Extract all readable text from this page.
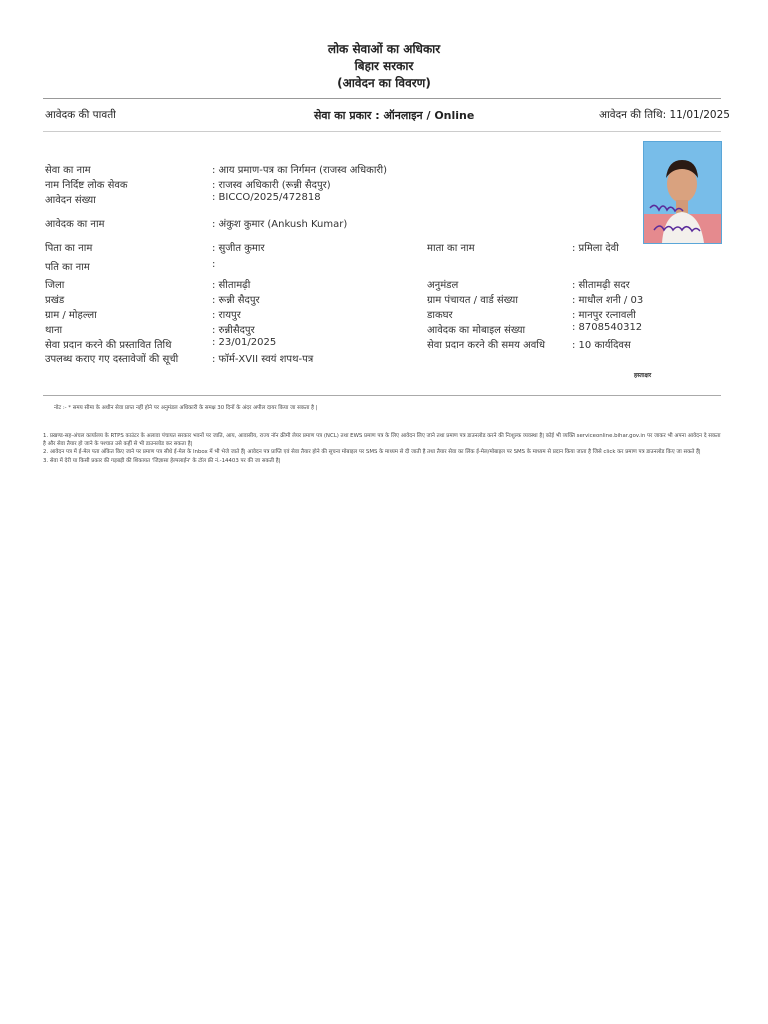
लोक सेवाओं का अधिकार
बिहार सरकार
(आवेदन का विवरण)
आवेदक की पावती	सेवा का प्रकार : ऑनलाइन / Online	आवेदन की तिथि: 11/01/2025
सेवा का नाम	: आय प्रमाण-पत्र का निर्गमन (राजस्व अधिकारी)
नाम निर्दिष्ट लोक सेवक	: राजस्व अधिकारी (रून्नी सैदपुर)
आवेदन संख्या	: BICCO/2025/472818
आवेदक का नाम	: अंकुश कुमार (Ankush Kumar)
पिता का नाम	: सुजीत कुमार	माता का नाम	: प्रमिला देवी
पति का नाम	:
जिला	: सीतामढ़ी	अनुमंडल	: सीतामढ़ी सदर
प्रखंड	: रून्नी सैदपुर	ग्राम पंचायत / वार्ड संख्या	: माधौल शनी / 03
ग्राम / मोहल्ला	: रायपुर	डाकघर	: मानपुर रत्नावली
थाना	: रुन्नीसैदपुर	आवेदक का मोबाइल संख्या	: 8708540312
सेवा प्रदान करने की प्रस्तावित तिथि	: 23/01/2025	सेवा प्रदान करने की समय अवधि	: 10 कार्यदिवस
उपलब्ध कराए गए दस्तावेजों की सूची	: फॉर्म-XVII स्वयं शपथ-पत्र
हस्ताक्षर
नोट :- * समय सीमा के अधीन सेवा प्राप्त नहीं होने पर अनुमंडल अधिकारी के समक्ष 30 दिनों के अंदर अपील दायर किया जा सकता है |
1. प्रखण्ड-सह-अंचल कार्यालय के RTPS काउंटर के अलावा पंचायत सरकार भवनों पर जाति, आय, आवासीय, राज्य नॉन क्रीमी लेयर प्रमाण पत्र (NCL) तथा EWS प्रमाण पत्र के लिए आवेदन लिए जाने तथा प्रमाण पत्र डाउनलोड करने की निःशुल्क व्यवस्था है| कोई भी व्यक्ति serviceonline.bihar.gov.in पर जाकर भी अपना आवेदन दे सकता है और सेवा तैयार हो जाने के पश्चात उसे कहीं से भी डाउनलोड कर सकता है|
2. आवेदन पत्र में ई-मेल पता अंकित किए जाने पर प्रमाण पत्र सीधे ई-मेल के Inbox में भी भेजे जाते हैं| आवेदन पत्र प्राप्ति एवं सेवा तैयार होने की सूचना मोबाइल पर SMS के माध्यम से दी जाती है तथा तैयार सेवा का लिंक ई-मेल/मोबाइल पर SMS के माध्यम से प्रदान किया जाता है जिसे click कर प्रमाण पत्र डाउनलोड किए जा सकते हैं|
3. सेवा में देरी या किसी प्रकार की गड़बड़ी की शिकायत 'जिज्ञासा हेल्पलाईन' के टॉल फ्री नं.-14403 पर की जा सकती है|
